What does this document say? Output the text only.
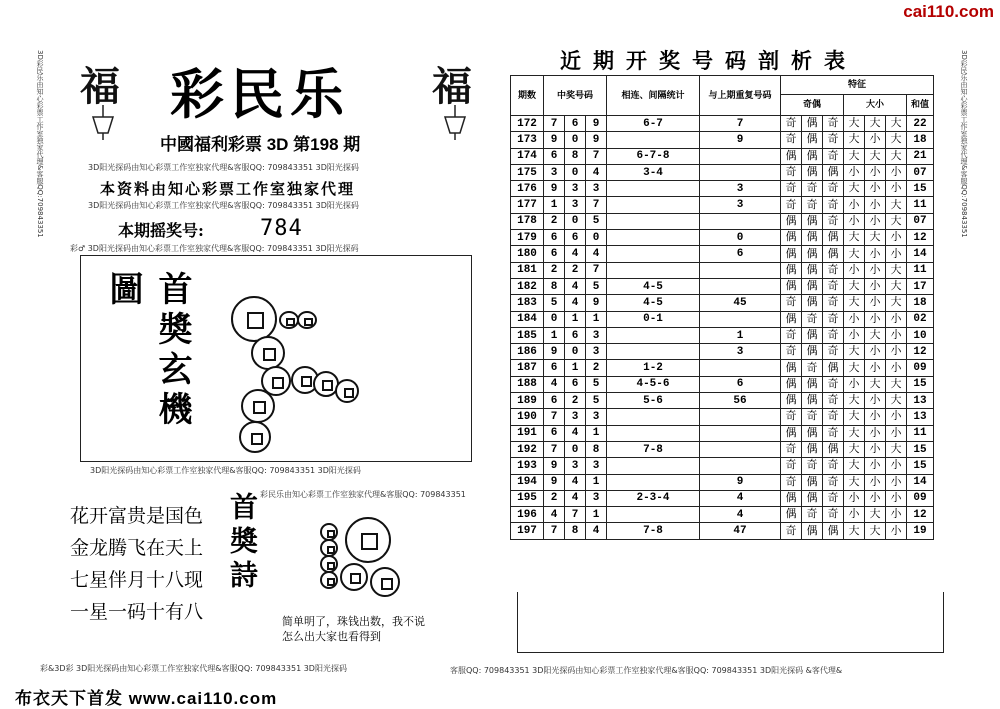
cai110.com
3D彩民乐由知心彩票工作室独家代理&客服QQ:709843351	3D彩民乐由知心彩票工作室独家代理&客服QQ:709843351
福 彩民乐 福
中國福利彩票 3D 第198 期
3D阳光探码由知心彩票工作室独家代理&客服QQ: 709843351 3D阳光探码
本资料由知心彩票工作室独家代理
3D阳光探码由知心彩票工作室独家代理&客服QQ: 709843351 3D阳光探码
本期摇奖号:	784
彩♂ 3D阳光探码由知心彩票工作室独家代理&客服QQ: 709843351 3D阳光探码
首奬玄機圖
3D阳光探码由知心彩票工作室独家代理&客服QQ: 709843351 3D阳光探码
花开富贵是国色
金龙腾飞在天上
七星伴月十八现
一星一码十有八
首奬詩 彩民乐由知心彩票工作室独家代理&客服QQ: 709843351
简单明了，珠钱出数，我不说
怎么出大家也看得到
彩&3D彩 3D阳光探码由知心彩票工作室独家代理&客服QQ: 709843351 3D阳光探码	客服QQ: 709843351 3D阳光探码由知心彩票工作室独家代理&客服QQ: 709843351 3D阳光探码 &客代理&
布衣天下首发 www.cai110.com
近期开奖号码剖析表
期数	中奖号码			相连、间隔统计	与上期重复号码	特征						
						奇偶			大小			和值
172	7	6	9	6-7	7	奇	偶	奇	大	大	大	22
173	9	0	9		9	奇	偶	奇	大	小	大	18
174	6	8	7	6-7-8		偶	偶	奇	大	大	大	21
175	3	0	4	3-4		奇	偶	偶	小	小	小	07
176	9	3	3		3	奇	奇	奇	大	小	小	15
177	1	3	7		3	奇	奇	奇	小	小	大	11
178	2	0	5			偶	偶	奇	小	小	大	07
179	6	6	0		0	偶	偶	偶	大	大	小	12
180	6	4	4		6	偶	偶	偶	大	小	小	14
181	2	2	7			偶	偶	奇	小	小	大	11
182	8	4	5	4-5		偶	偶	奇	大	小	大	17
183	5	4	9	4-5	45	奇	偶	奇	大	小	大	18
184	0	1	1	0-1		偶	奇	奇	小	小	小	02
185	1	6	3		1	奇	偶	奇	小	大	小	10
186	9	0	3		3	奇	偶	奇	大	小	小	12
187	6	1	2	1-2		偶	奇	偶	大	小	小	09
188	4	6	5	4-5-6	6	偶	偶	奇	小	大	大	15
189	6	2	5	5-6	56	偶	偶	奇	大	小	大	13
190	7	3	3			奇	奇	奇	大	小	小	13
191	6	4	1			偶	偶	奇	大	小	小	11
192	7	0	8	7-8		奇	偶	偶	大	小	大	15
193	9	3	3			奇	奇	奇	大	小	小	15
194	9	4	1		9	奇	偶	奇	大	小	小	14
195	2	4	3	2-3-4	4	偶	偶	奇	小	小	小	09
196	4	7	1		4	偶	奇	奇	小	大	小	12
197	7	8	4	7-8	47	奇	偶	偶	大	大	小	19
